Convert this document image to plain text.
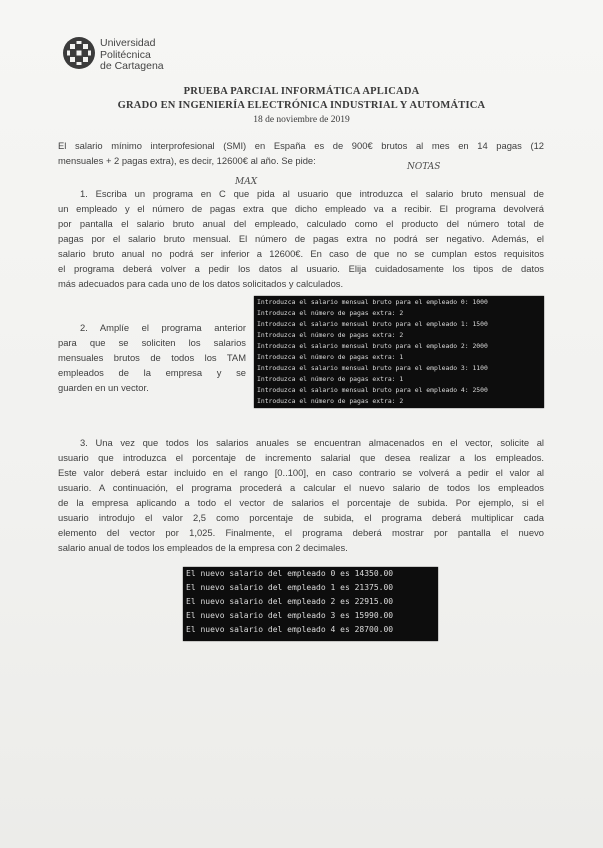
Universidad
Politécnica
de Cartagena
PRUEBA PARCIAL INFORMÁTICA APLICADA
GRADO EN INGENIERÍA ELECTRÓNICA INDUSTRIAL Y AUTOMÁTICA
18 de noviembre de 2019
El salario mínimo interprofesional (SMI) en España es de 900€ brutos al mes en 14 pagas (12
mensuales + 2 pagas extra), es decir, 12600€ al año. Se pide:
NOTAS
MAX
1. Escriba un programa en C que pida al usuario que introduzca el salario bruto mensual de
un empleado y el número de pagas extra que dicho empleado va a recibir. El programa devolverá
por pantalla el salario bruto anual del empleado, calculado como el producto del número total de
pagas por el salario bruto mensual. El número de pagas extra no podrá ser negativo. Además, el
salario bruto anual no podrá ser inferior a 12600€. En caso de que no se cumplan estos requisitos
el programa deberá volver a pedir los datos al usuario. Elija cuidadosamente los tipos de datos
más adecuados para cada uno de los datos solicitados y calculados.
2. Amplíe el programa anterior
para que se soliciten los salarios
mensuales brutos de todos los TAM
empleados de la empresa y se
guarden en un vector.
Introduzca el salario mensual bruto para el empleado 0: 1000
Introduzca el número de pagas extra: 2
Introduzca el salario mensual bruto para el empleado 1: 1500
Introduzca el número de pagas extra: 2
Introduzca el salario mensual bruto para el empleado 2: 2000
Introduzca el número de pagas extra: 1
Introduzca el salario mensual bruto para el empleado 3: 1100
Introduzca el número de pagas extra: 1
Introduzca el salario mensual bruto para el empleado 4: 2500
Introduzca el número de pagas extra: 2
3. Una vez que todos los salarios anuales se encuentran almacenados en el vector, solicite al
usuario que introduzca el porcentaje de incremento salarial que desea realizar a los empleados.
Este valor deberá estar incluido en el rango [0..100], en caso contrario se volverá a pedir el valor al
usuario. A continuación, el programa procederá a calcular el nuevo salario de todos los empleados
de la empresa aplicando a todo el vector de salarios el porcentaje de subida. Por ejemplo, si el
usuario introdujo el valor 2,5 como porcentaje de subida, el programa deberá multiplicar cada
elemento del vector por 1,025. Finalmente, el programa deberá mostrar por pantalla el nuevo
salario anual de todos los empleados de la empresa con 2 decimales.
El nuevo salario del empleado 0 es 14350.00
El nuevo salario del empleado 1 es 21375.00
El nuevo salario del empleado 2 es 22915.00
El nuevo salario del empleado 3 es 15990.00
El nuevo salario del empleado 4 es 28700.00
